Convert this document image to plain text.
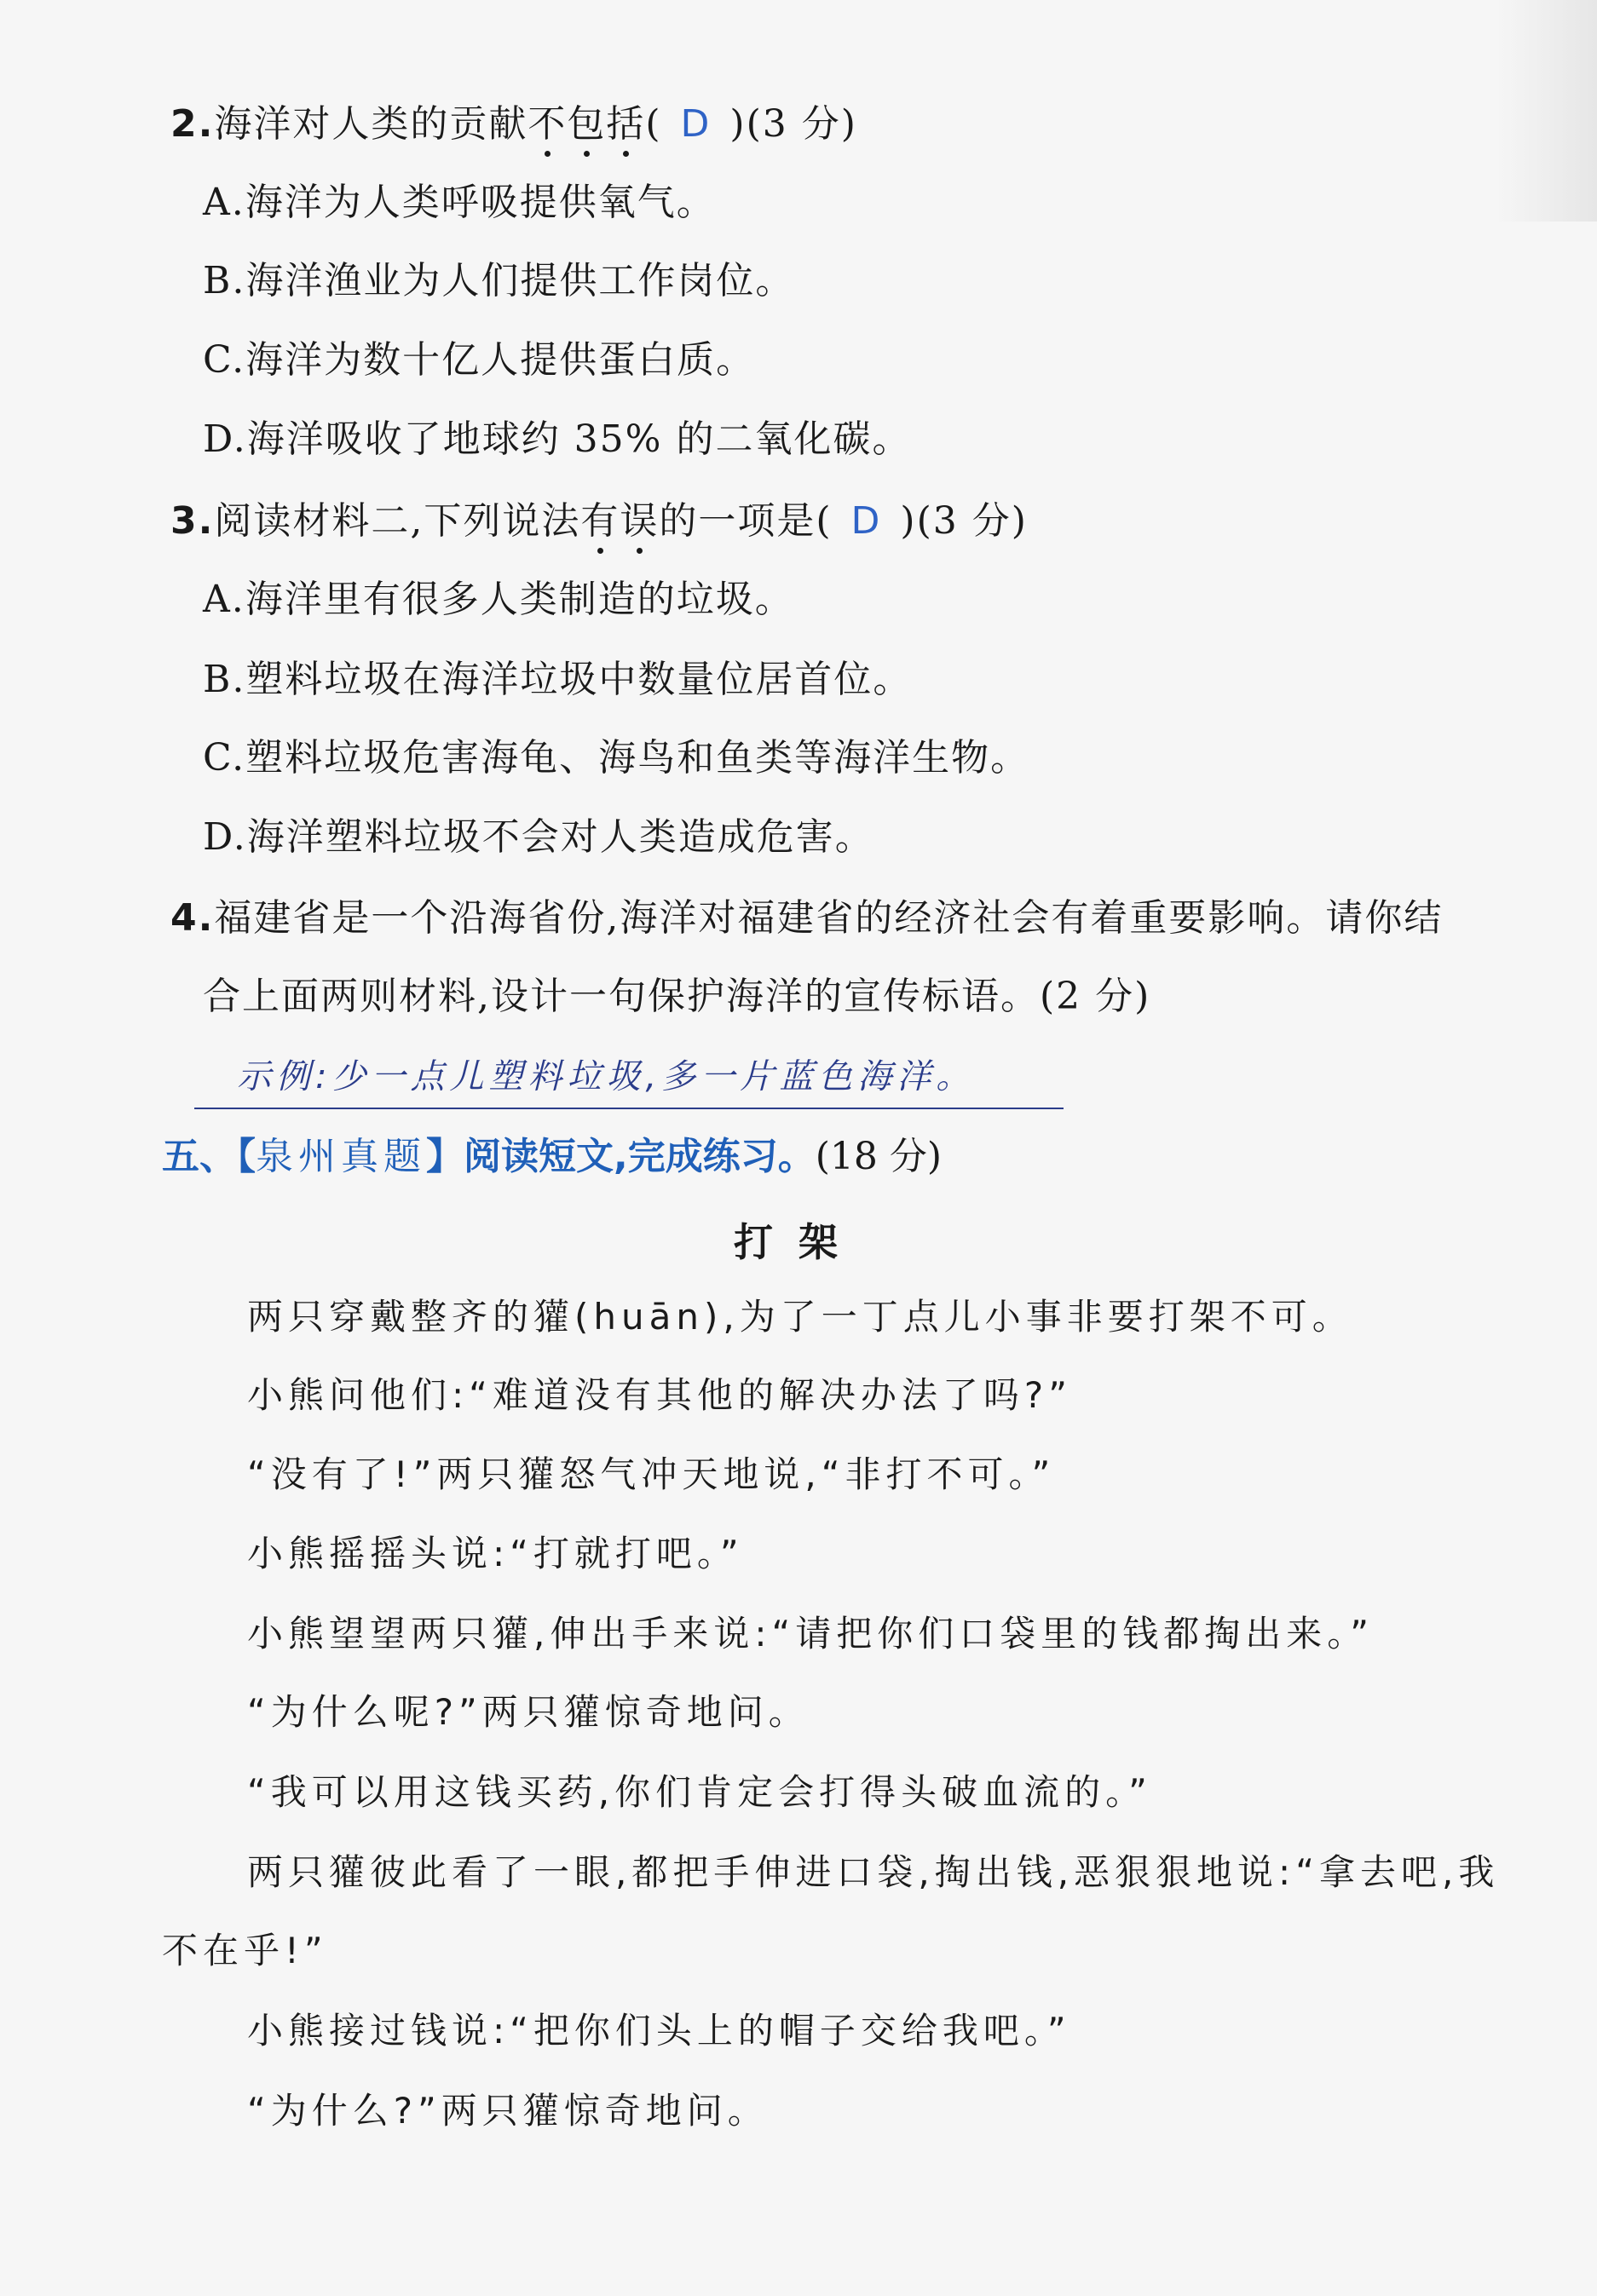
2.海洋对人类的贡献不包括( D )(3 分)
A.海洋为人类呼吸提供氧气。
B.海洋渔业为人们提供工作岗位。
C.海洋为数十亿人提供蛋白质。
D.海洋吸收了地球约 35% 的二氧化碳。
3.阅读材料二,下列说法有误的一项是( D )(3 分)
A.海洋里有很多人类制造的垃圾。
B.塑料垃圾在海洋垃圾中数量位居首位。
C.塑料垃圾危害海龟、海鸟和鱼类等海洋生物。
D.海洋塑料垃圾不会对人类造成危害。
4.福建省是一个沿海省份,海洋对福建省的经济社会有着重要影响。请你结
合上面两则材料,设计一句保护海洋的宣传标语。(2 分)
示例:少一点儿塑料垃圾,多一片蓝色海洋。
五、【泉州真题】阅读短文,完成练习。(18 分)
打架
两只穿戴整齐的獾(huān),为了一丁点儿小事非要打架不可。
小熊问他们:“难道没有其他的解决办法了吗?”
“没有了!”两只獾怒气冲天地说,“非打不可。”
小熊摇摇头说:“打就打吧。”
小熊望望两只獾,伸出手来说:“请把你们口袋里的钱都掏出来。”
“为什么呢?”两只獾惊奇地问。
“我可以用这钱买药,你们肯定会打得头破血流的。”
两只獾彼此看了一眼,都把手伸进口袋,掏出钱,恶狠狠地说:“拿去吧,我
不在乎!”
小熊接过钱说:“把你们头上的帽子交给我吧。”
“为什么?”两只獾惊奇地问。
